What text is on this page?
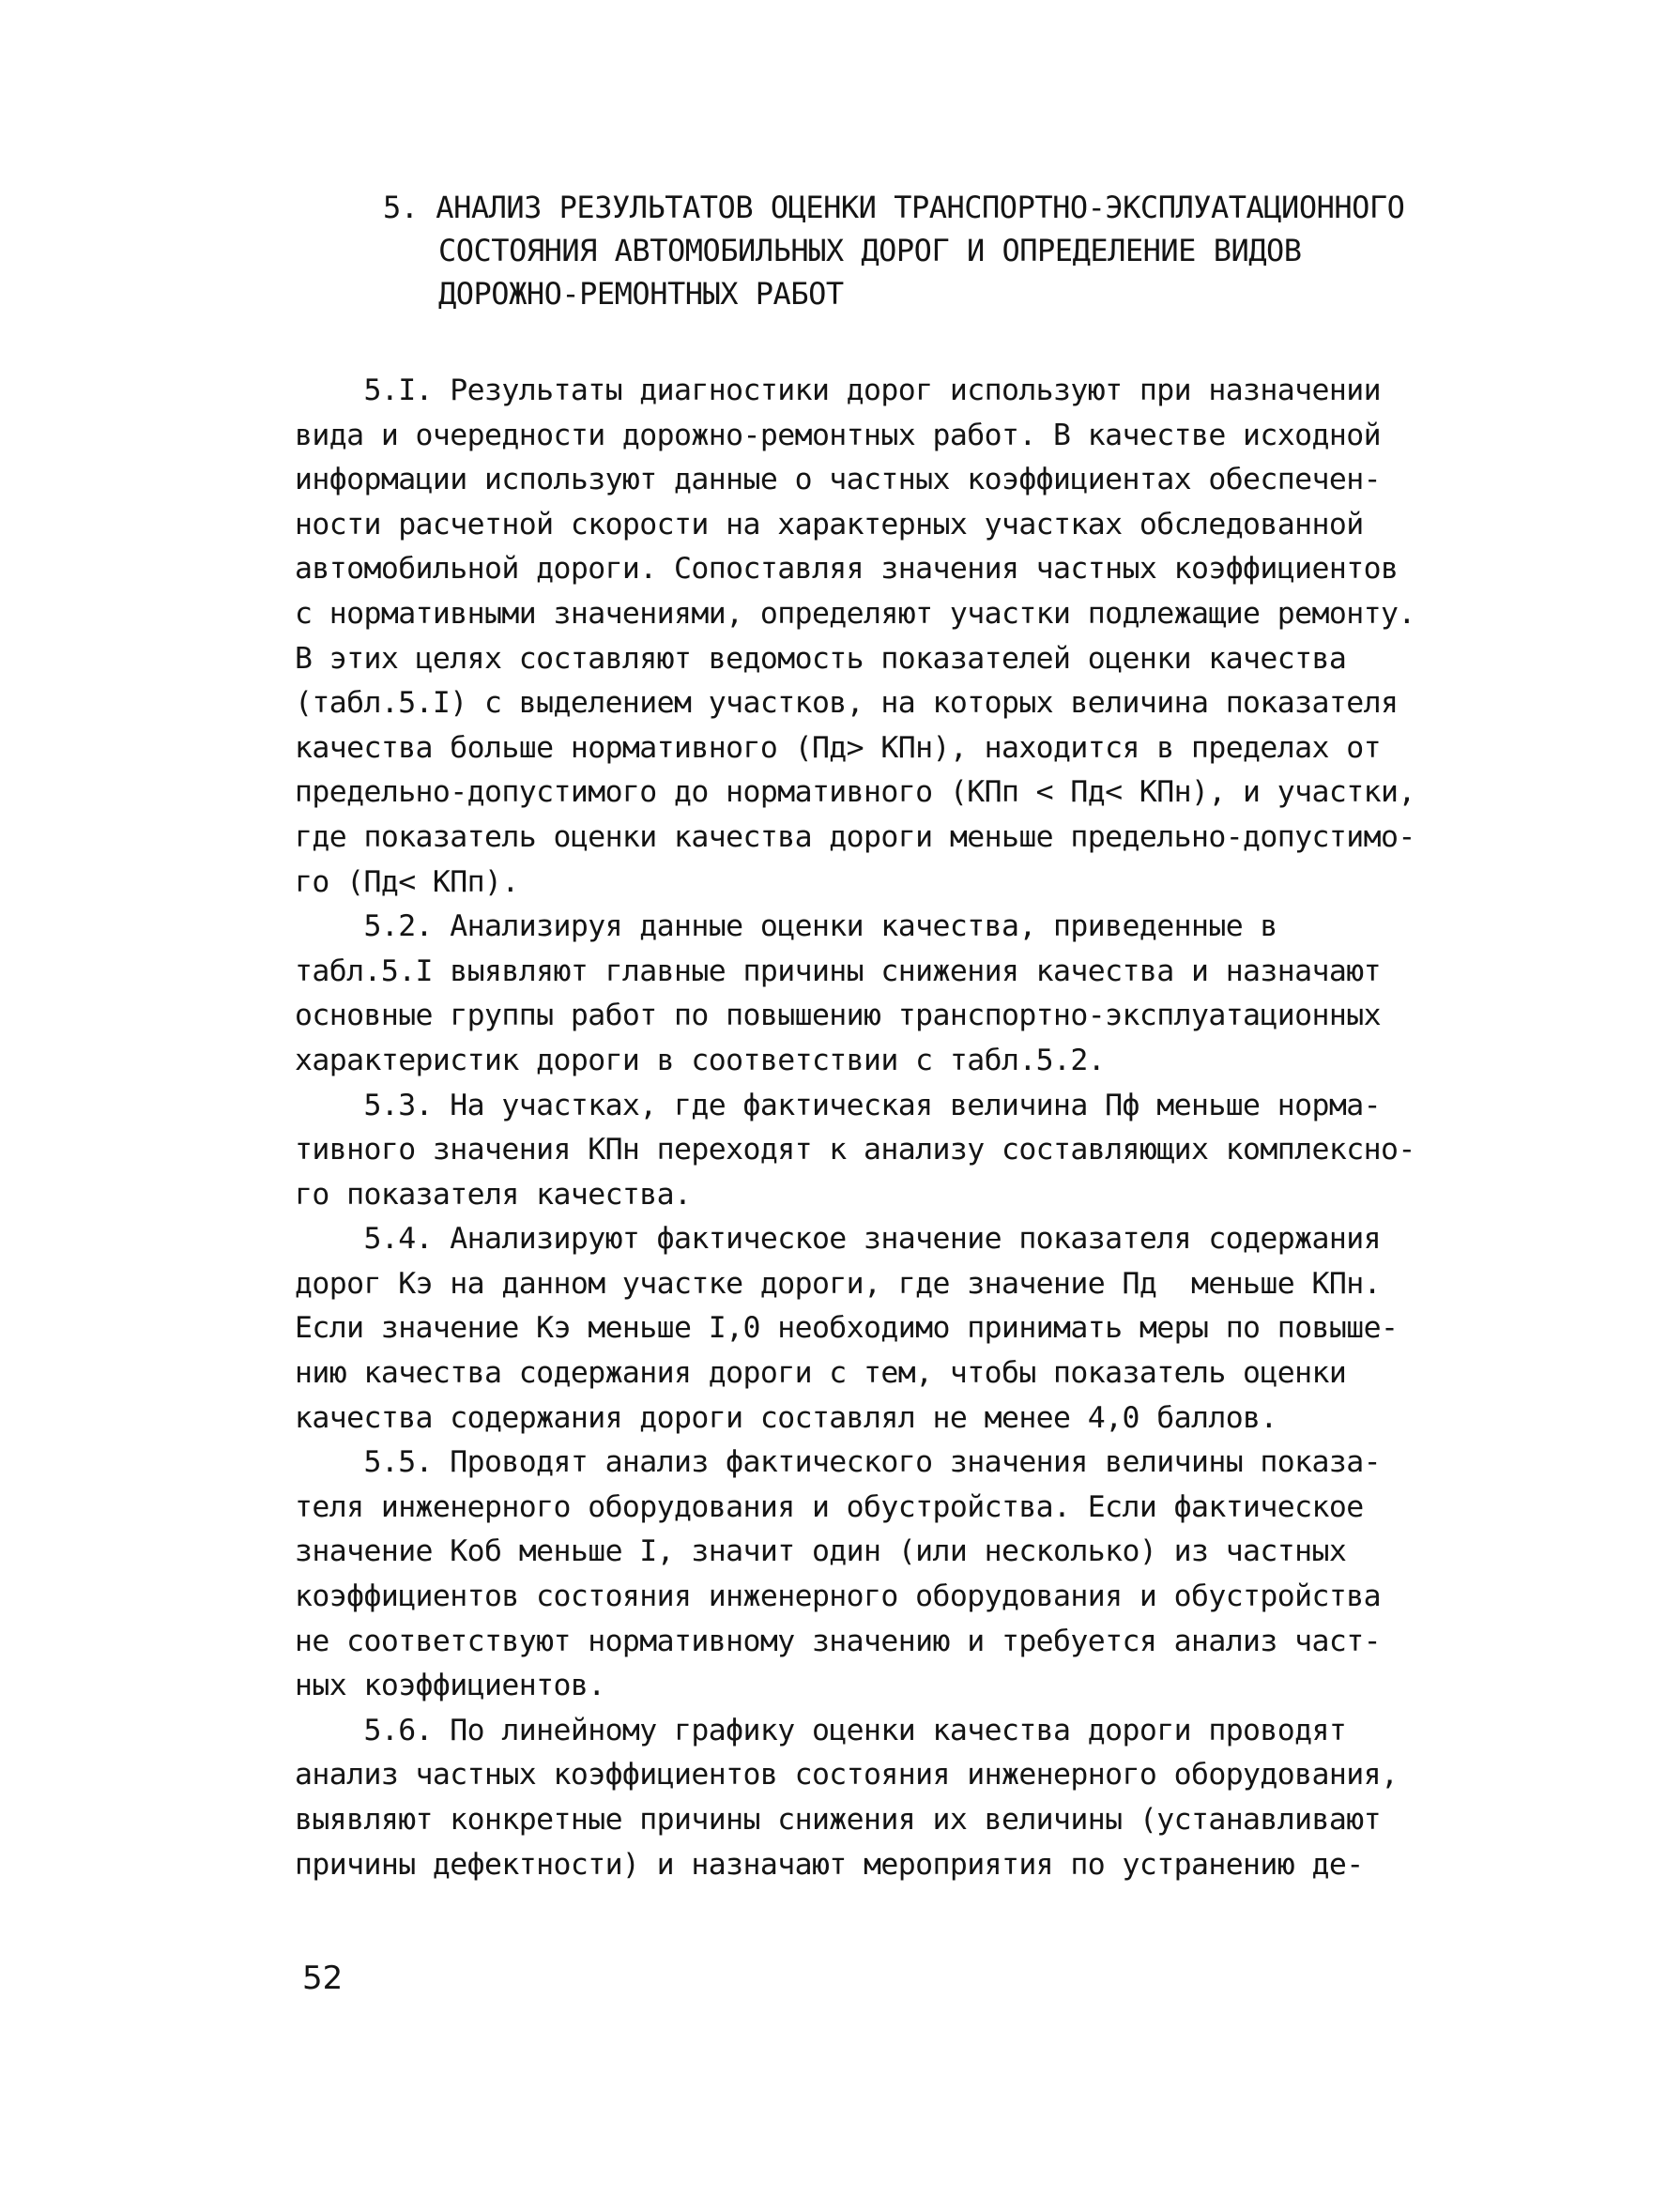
5. АНАЛИЗ РЕЗУЛЬТАТОВ ОЦЕНКИ ТРАНСПОРТНО-ЭКСПЛУАТАЦИОННОГО
СОСТОЯНИЯ АВТОМОБИЛЬНЫХ ДОРОГ И ОПРЕДЕЛЕНИЕ ВИДОВ
ДОРОЖНО-РЕМОНТНЫХ РАБОТ
5.I. Результаты диагностики дорог используют при назначении
вида и очередности дорожно-ремонтных работ. В качестве исходной
информации используют данные о частных коэффициентах обеспечен-
ности расчетной скорости на характерных участках обследованной
автомобильной дороги. Сопоставляя значения частных коэффициентов
с нормативными значениями, определяют участки подлежащие ремонту.
В этих целях составляют ведомость показателей оценки качества
(табл.5.I) с выделением участков, на которых величина показателя
качества больше нормативного (Пд> КПн), находится в пределах от
предельно-допустимого до нормативного (КПп < Пд< КПн), и участки,
где показатель оценки качества дороги меньше предельно-допустимо-
го (Пд< КПп).
5.2. Анализируя данные оценки качества, приведенные в
табл.5.I выявляют главные причины снижения качества и назначают
основные группы работ по повышению транспортно-эксплуатационных
характеристик дороги в соответствии с табл.5.2.
5.3. На участках, где фактическая величина Пф меньше норма-
тивного значения КПн переходят к анализу составляющих комплексно-
го показателя качества.
5.4. Анализируют фактическое значение показателя содержания
дорог Кэ на данном участке дороги, где значение Пд  меньше КПн.
Если значение Кэ меньше I,0 необходимо принимать меры по повыше-
нию качества содержания дороги с тем, чтобы показатель оценки
качества содержания дороги составлял не менее 4,0 баллов.
5.5. Проводят анализ фактического значения величины показа-
теля инженерного оборудования и обустройства. Если фактическое
значение Коб меньше I, значит один (или несколько) из частных
коэффициентов состояния инженерного оборудования и обустройства
не соответствуют нормативному значению и требуется анализ част-
ных коэффициентов.
5.6. По линейному графику оценки качества дороги проводят
анализ частных коэффициентов состояния инженерного оборудования,
выявляют конкретные причины снижения их величины (устанавливают
причины дефектности) и назначают мероприятия по устранению де-
52
